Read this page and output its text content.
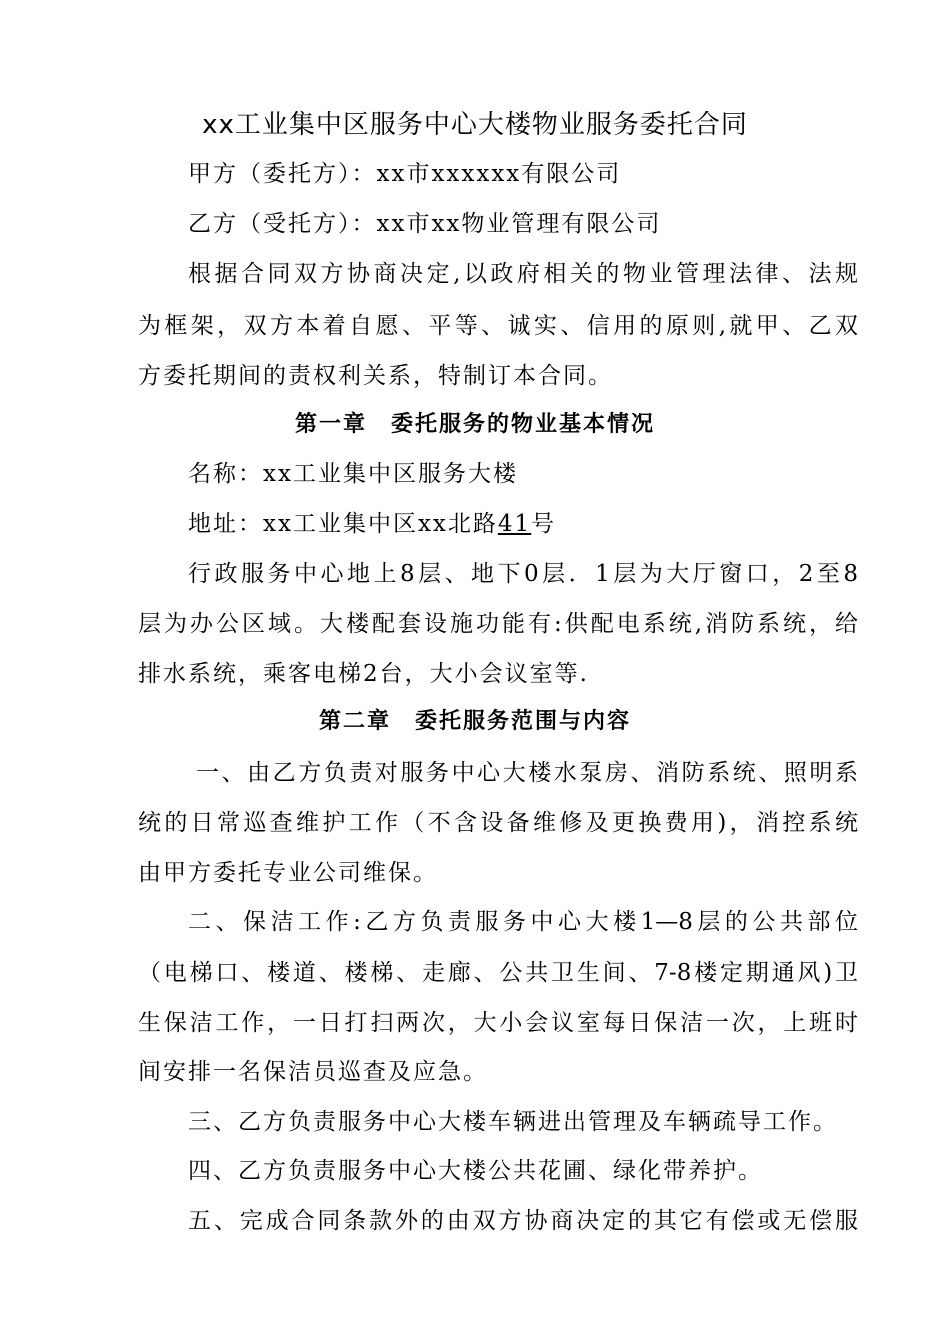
xx工业集中区服务中心大楼物业服务委托合同
甲方（委托方）：xx市xxxxxx有限公司
乙方（受托方）：xx市xx物业管理有限公司
根据合同双方协商决定,以政府相关的物业管理法律、法规
为框架，双方本着自愿、平等、诚实、信用的原则,就甲、乙双
方委托期间的责权利关系，特制订本合同。
第一章　委托服务的物业基本情况
名称：xx工业集中区服务大楼
地址：xx工业集中区xx北路41号
行政服务中心地上8层、地下0层．1层为大厅窗口，2至8
层为办公区域。大楼配套设施功能有:供配电系统,消防系统，给
排水系统，乘客电梯2台，大小会议室等.
第二章　委托服务范围与内容
一、由乙方负责对服务中心大楼水泵房、消防系统、照明系
统的日常巡查维护工作（不含设备维修及更换费用)，消控系统
由甲方委托专业公司维保。
二、保洁工作:乙方负责服务中心大楼1—8层的公共部位
（电梯口、楼道、楼梯、走廊、公共卫生间、7-8楼定期通风)卫
生保洁工作，一日打扫两次，大小会议室每日保洁一次，上班时
间安排一名保洁员巡查及应急。
三、乙方负责服务中心大楼车辆进出管理及车辆疏导工作。
四、乙方负责服务中心大楼公共花圃、绿化带养护。
五、完成合同条款外的由双方协商决定的其它有偿或无偿服
